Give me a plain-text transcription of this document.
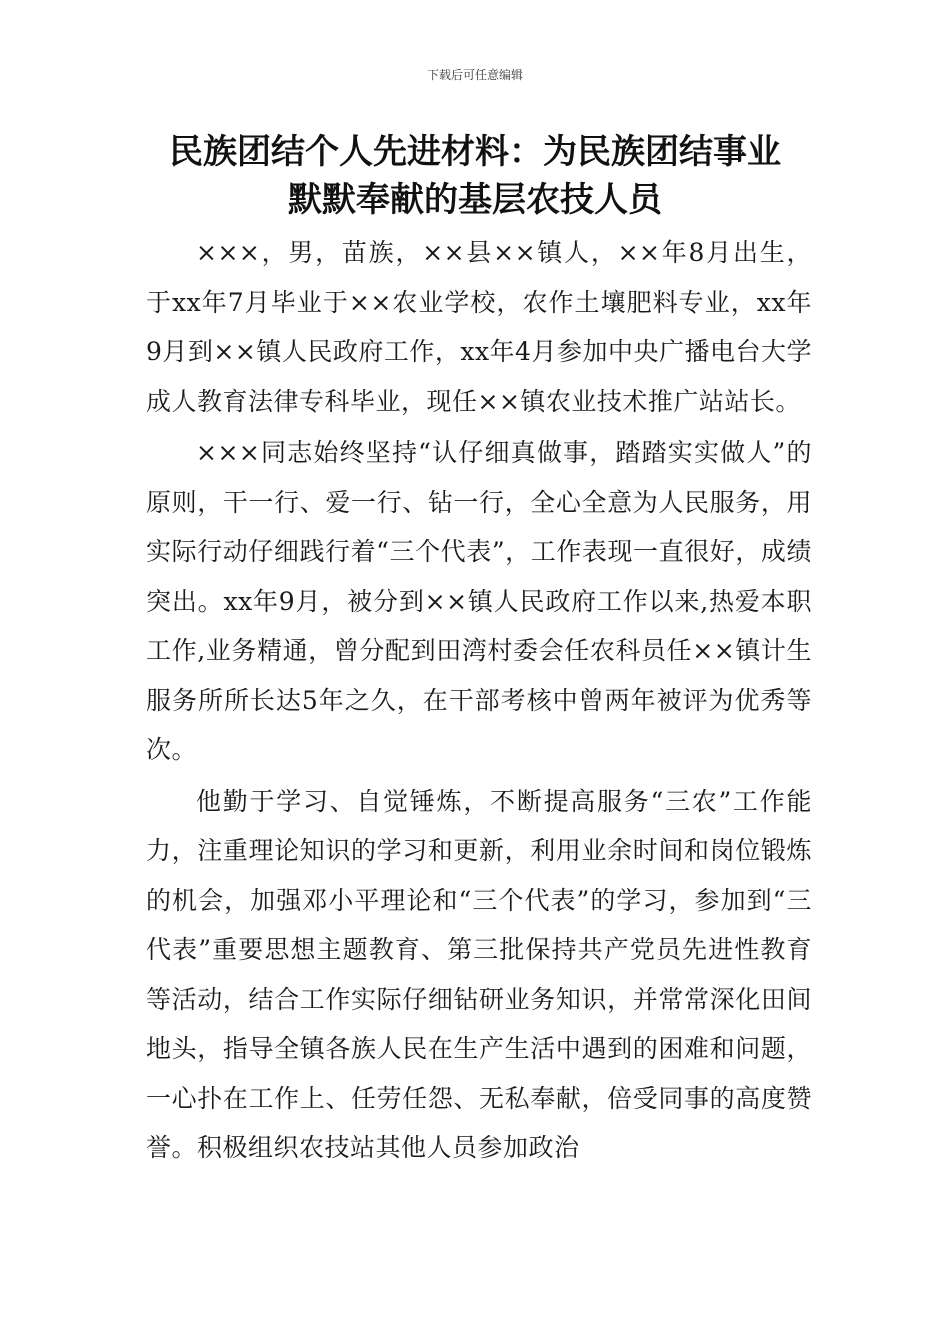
下载后可任意编辑
民族团结个人先进材料：为民族团结事业
默默奉献的基层农技人员

×××，男，苗族，××县××镇人，××年8月出生，于xx年7月毕业于××农业学校，农作土壤肥料专业，xx年9月到××镇人民政府工作，xx年4月参加中央广播电台大学成人教育法律专科毕业，现任××镇农业技术推广站站长。

×××同志始终坚持“认仔细真做事，踏踏实实做人”的原则，干一行、爱一行、钻一行，全心全意为人民服务，用实际行动仔细践行着“三个代表”，工作表现一直很好，成绩突出。xx年9月，被分到××镇人民政府工作以来,热爱本职工作,业务精通，曾分配到田湾村委会任农科员任××镇计生服务所所长达5年之久，在干部考核中曾两年被评为优秀等次。

他勤于学习、自觉锤炼，不断提高服务“三农”工作能力，注重理论知识的学习和更新，利用业余时间和岗位锻炼的机会，加强邓小平理论和“三个代表”的学习，参加到“三代表”重要思想主题教育、第三批保持共产党员先进性教育等活动，结合工作实际仔细钻研业务知识，并常常深化田间地头，指导全镇各族人民在生产生活中遇到的困难和问题，一心扑在工作上、任劳任怨、无私奉献，倍受同事的高度赞誉。积极组织农技站其他人员参加政治
